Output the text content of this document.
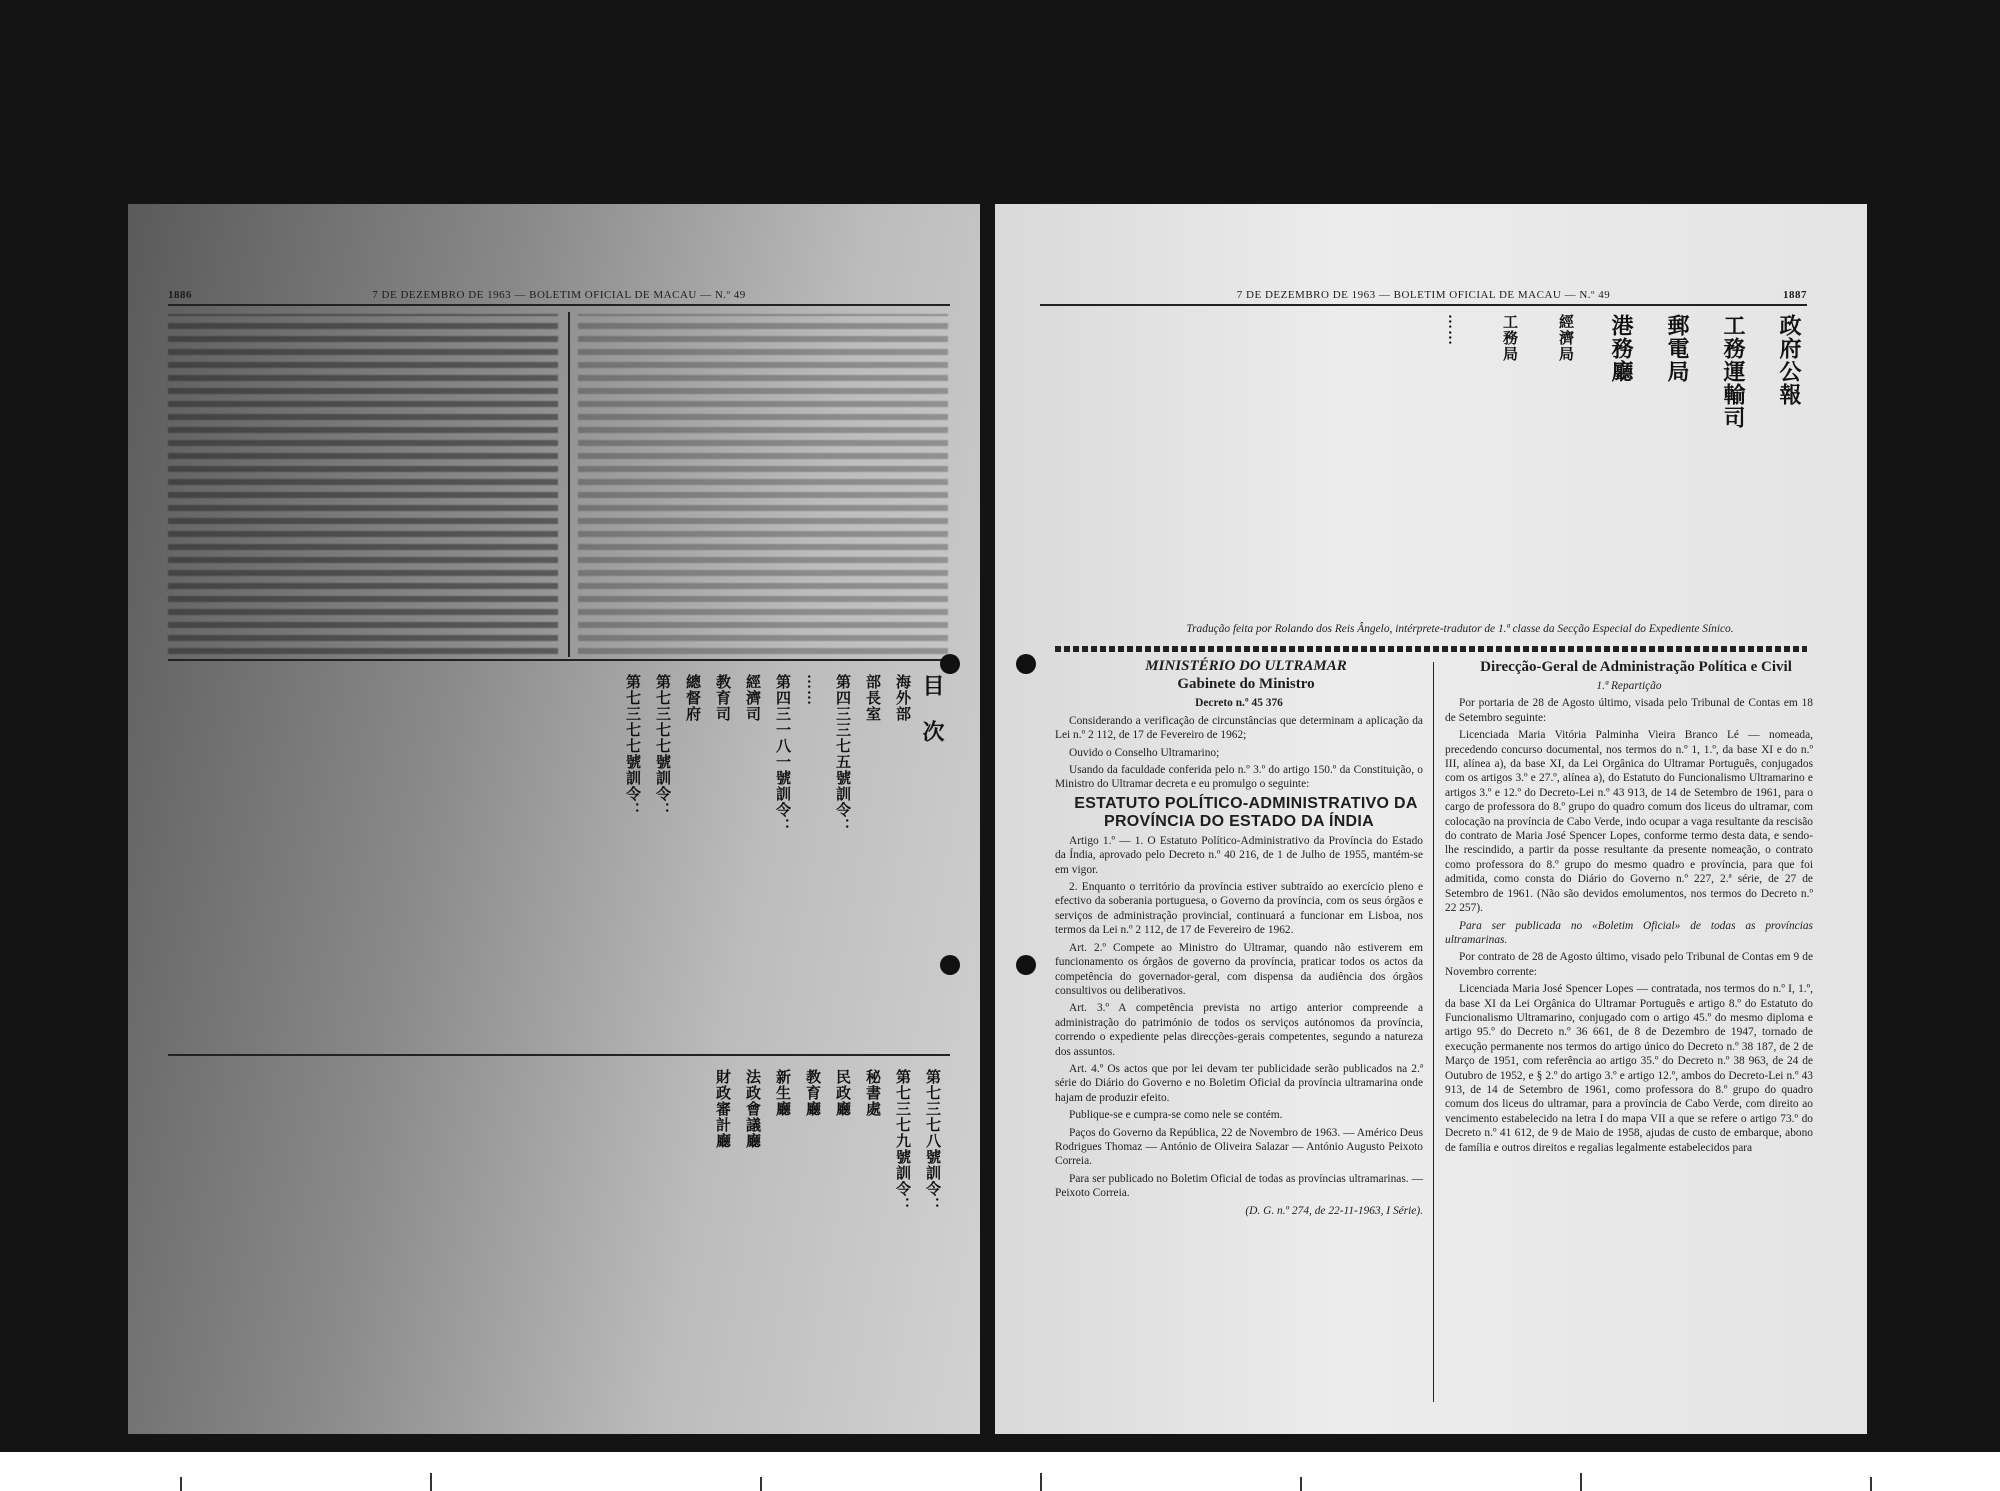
1886	7 DE DEZEMBRO DE 1963 — BOLETIM OFICIAL DE MACAU — N.º 49
目　次
海外部
部長室
第四三三七五號訓令：
……
第四三一八一號訓令：
經濟司
教育司
總督府
第七三七七號訓令：
第七三七七號訓令：
第七三七八號訓令：
第七三七九號訓令：
秘書處
民政廳
教育廳
新生廳
法政會議廳
財政審計廳
7 DE DEZEMBRO DE 1963 — BOLETIM OFICIAL DE MACAU — N.º 49	1887
政府公報
工務運輸司
郵電局
港務廳
經濟局
工務局
……
Tradução feita por Rolando dos Reis Ângelo, intérprete-tradutor de 1.ª classe da Secção Especial do Expediente Sínico.

MINISTÉRIO DO ULTRAMAR

Gabinete do Ministro

Decreto n.º 45 376

Considerando a verificação de circunstâncias que determinam a aplicação da Lei n.º 2 112, de 17 de Fevereiro de 1962;

Ouvido o Conselho Ultramarino;

Usando da faculdade conferida pelo n.º 3.º do artigo 150.º da Constituição, o Ministro do Ultramar decreta e eu promulgo o seguinte:

ESTATUTO POLÍTICO-ADMINISTRATIVO DA PROVÍNCIA DO ESTADO DA ÍNDIA

Artigo 1.º — 1. O Estatuto Político-Administrativo da Província do Estado da Índia, aprovado pelo Decreto n.º 40 216, de 1 de Julho de 1955, mantém-se em vigor.

2. Enquanto o território da província estiver subtraído ao exercício pleno e efectivo da soberania portuguesa, o Governo da província, com os seus órgãos e serviços de administração provincial, continuará a funcionar em Lisboa, nos termos da Lei n.º 2 112, de 17 de Fevereiro de 1962.

Art. 2.º Compete ao Ministro do Ultramar, quando não estiverem em funcionamento os órgãos de governo da província, praticar todos os actos da competência do governador-geral, com dispensa da audiência dos órgãos consultivos ou deliberativos.

Art. 3.º A competência prevista no artigo anterior compreende a administração do património de todos os serviços autónomos da província, correndo o expediente pelas direcções-gerais competentes, segundo a natureza dos assuntos.

Art. 4.º Os actos que por lei devam ter publicidade serão publicados na 2.ª série do Diário do Governo e no Boletim Oficial da província ultramarina onde hajam de produzir efeito.

Publique-se e cumpra-se como nele se contém.

Paços do Governo da República, 22 de Novembro de 1963. — Américo Deus Rodrigues Thomaz — António de Oliveira Salazar — António Augusto Peixoto Correia.

Para ser publicado no Boletim Oficial de todas as províncias ultramarinas. — Peixoto Correia.

(D. G. n.º 274, de 22-11-1963, I Série).

Direcção-Geral de Administração Política e Civil

1.ª Repartição

Por portaria de 28 de Agosto último, visada pelo Tribunal de Contas em 18 de Setembro seguinte:

Licenciada Maria Vitória Palminha Vieira Branco Lé — nomeada, precedendo concurso documental, nos termos do n.º 1, 1.º, da base XI e do n.º III, alínea a), da base XI, da Lei Orgânica do Ultramar Português, conjugados com os artigos 3.º e 27.º, alínea a), do Estatuto do Funcionalismo Ultramarino e artigos 3.º e 12.º do Decreto-Lei n.º 43 913, de 14 de Setembro de 1961, para o cargo de professora do 8.º grupo do quadro comum dos liceus do ultramar, com colocação na província de Cabo Verde, indo ocupar a vaga resultante da rescisão do contrato de Maria José Spencer Lopes, conforme termo desta data, e sendo-lhe rescindido, a partir da posse resultante da presente nomeação, o contrato como professora do 8.º grupo do mesmo quadro e província, para que foi admitida, como consta do Diário do Governo n.º 227, 2.ª série, de 27 de Setembro de 1961. (Não são devidos emolumentos, nos termos do Decreto n.º 22 257).

Para ser publicada no «Boletim Oficial» de todas as províncias ultramarinas.

Por contrato de 28 de Agosto último, visado pelo Tribunal de Contas em 9 de Novembro corrente:

Licenciada Maria José Spencer Lopes — contratada, nos termos do n.º I, 1.º, da base XI da Lei Orgânica do Ultramar Português e artigo 8.º do Estatuto do Funcionalismo Ultramarino, conjugado com o artigo 45.º do mesmo diploma e artigo 95.º do Decreto n.º 36 661, de 8 de Dezembro de 1947, tornado de execução permanente nos termos do artigo único do Decreto n.º 38 187, de 2 de Março de 1951, com referência ao artigo 35.º do Decreto n.º 38 963, de 24 de Outubro de 1952, e § 2.º do artigo 3.º e artigo 12.º, ambos do Decreto-Lei n.º 43 913, de 14 de Setembro de 1961, como professora do 8.º grupo do quadro comum dos liceus do ultramar, para a província de Cabo Verde, com direito ao vencimento estabelecido na letra I do mapa VII a que se refere o artigo 73.º do Decreto n.º 41 612, de 9 de Maio de 1958, ajudas de custo de embarque, abono de família e outros direitos e regalias legalmente estabelecidos para
